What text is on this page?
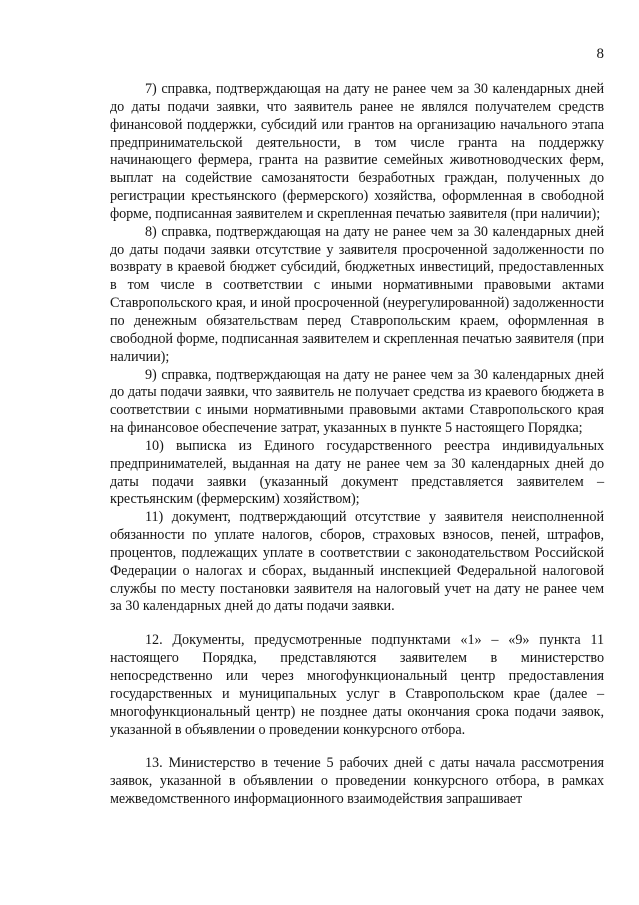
8

7) справка, подтверждающая на дату не ранее чем за 30 календарных дней до даты подачи заявки, что заявитель ранее не являлся получателем средств финансовой поддержки, субсидий или грантов на организацию начального этапа предпринимательской деятельности, в том числе гранта на поддержку начинающего фермера, гранта на развитие семейных животноводческих ферм, выплат на содействие самозанятости безработных граждан, полученных до регистрации крестьянского (фермерского) хозяйства, оформленная в свободной форме, подписанная заявителем и скрепленная печатью заявителя (при наличии);

8) справка, подтверждающая на дату не ранее чем за 30 календарных дней до даты подачи заявки отсутствие у заявителя просроченной задолженности по возврату в краевой бюджет субсидий, бюджетных инвестиций, предоставленных в том числе в соответствии с иными нормативными правовыми актами Ставропольского края, и иной просроченной (неурегулированной) задолженности по денежным обязательствам перед Ставропольским краем, оформленная в свободной форме, подписанная заявителем и скрепленная печатью заявителя (при наличии);

9) справка, подтверждающая на дату не ранее чем за 30 календарных дней до даты подачи заявки, что заявитель не получает средства из краевого бюджета в соответствии с иными нормативными правовыми актами Ставропольского края на финансовое обеспечение затрат, указанных в пункте 5 настоящего Порядка;

10) выписка из Единого государственного реестра индивидуальных предпринимателей, выданная на дату не ранее чем за 30 календарных дней до даты подачи заявки (указанный документ представляется заявителем – крестьянским (фермерским) хозяйством);

11) документ, подтверждающий отсутствие у заявителя неисполненной обязанности по уплате налогов, сборов, страховых взносов, пеней, штрафов, процентов, подлежащих уплате в соответствии с законодательством Российской Федерации о налогах и сборах, выданный инспекцией Федеральной налоговой службы по месту постановки заявителя на налоговый учет на дату не ранее чем за 30 календарных дней до даты подачи заявки.

12. Документы, предусмотренные подпунктами «1» – «9» пункта 11 настоящего Порядка, представляются заявителем в министерство непосредственно или через многофункциональный центр предоставления государственных и муниципальных услуг в Ставропольском крае (далее – многофункциональный центр) не позднее даты окончания срока подачи заявок, указанной в объявлении о проведении конкурсного отбора.

13. Министерство в течение 5 рабочих дней с даты начала рассмотрения заявок, указанной в объявлении о проведении конкурсного отбора, в рамках межведомственного информационного взаимодействия запрашивает
